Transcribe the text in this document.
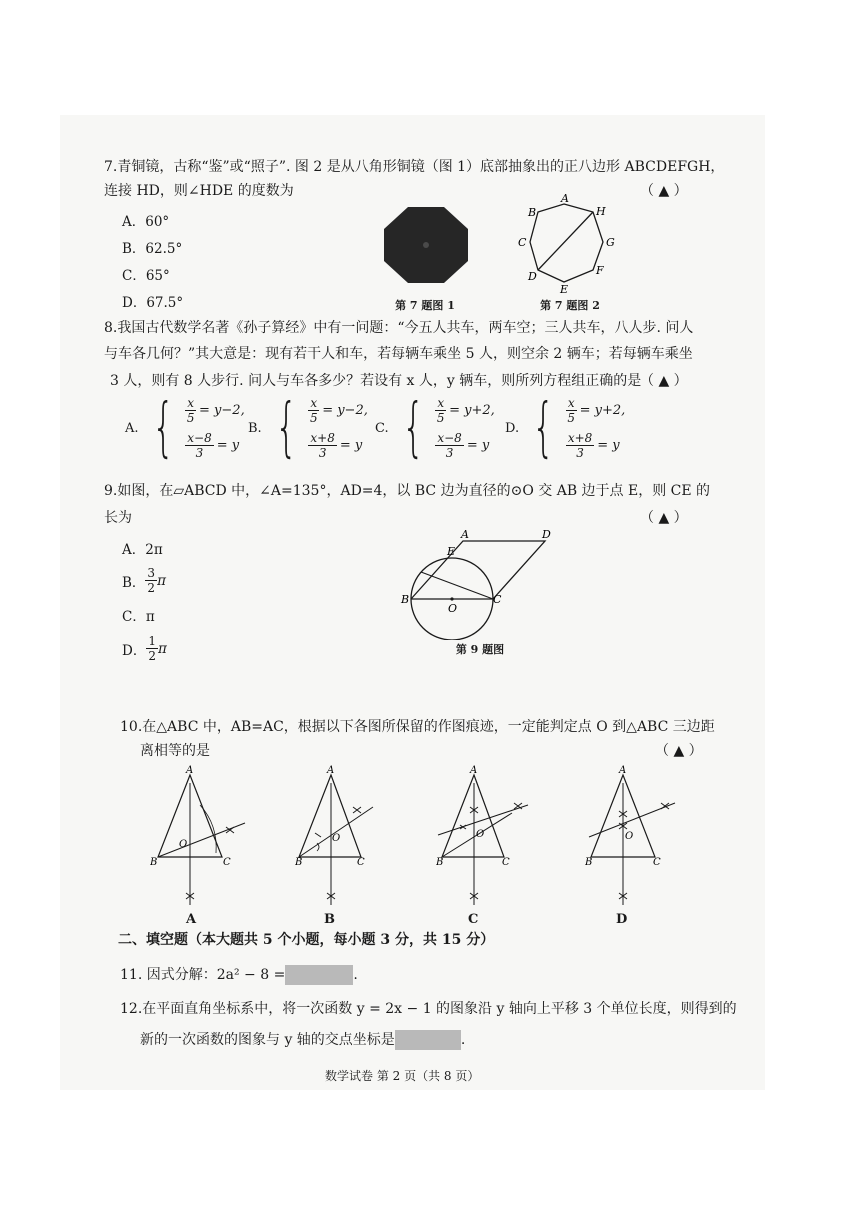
7.青铜镜，古称“鉴”或“照子”. 图 2 是从八角形铜镜（图 1）底部抽象出的正八边形 ABCDEFGH，
连接 HD，则∠HDE 的度数为	（ ▲ ）
A．60°
B．62.5°
C．65°
D．67.5°	第 7 题图 1
A
H
B
C	G
D	F
E
第 7 题图 2
8.我国古代数学名著《孙子算经》中有一问题：“今五人共车，两车空；三人共车，八人步. 问人
与车各几何？”其大意是：现有若干人和车，若每辆车乘坐 5 人，则空余 2 辆车；若每辆车乘坐
3 人，则有 8 人步行. 问人与车各多少？若设有 x 人，y 辆车，则所列方程组正确的是
（ ▲ ）
A. { $\frac{x}{5} = y-2$,
$\frac{x-8}{3} = y$
B. { $\frac{x}{5} = y-2$,
$\frac{x+8}{3} = y$
C. { $\frac{x}{5} = y+2$,
$\frac{x-8}{3} = y$
D. { $\frac{x}{5} = y+2$,
$\frac{x+8}{3} = y$
9.如图，在▱ABCD 中，∠A=135°，AD=4，以 BC 边为直径的⊙O 交 AB 边于点 E，则 CE 的
长为	（ ▲ ）
A．2π
B． $\frac{3}{2}$ π
C．π
D． $\frac{1}{2}$ π
E
A	D
B
O
C
第 9 题图
10.在△ABC 中，AB=AC，根据以下各图所保留的作图痕迹，一定能判定点 O 到△ABC 三边距
离相等的是	（ ▲ ）
A
B	C
O
A
A
B	C
O
B
A
B	C
O
C
A
B	C
O
D
二、填空题（本大题共 5 个小题，每小题 3 分，共 15 分）
11. 因式分解：2a² − 8 =	.
12.在平面直角坐标系中，将一次函数 y = 2x − 1 的图象沿 y 轴向上平移 3 个单位长度，则得到的
新的一次函数的图象与 y 轴的交点坐标是	.
数学试卷 第 2 页（共 8 页）
